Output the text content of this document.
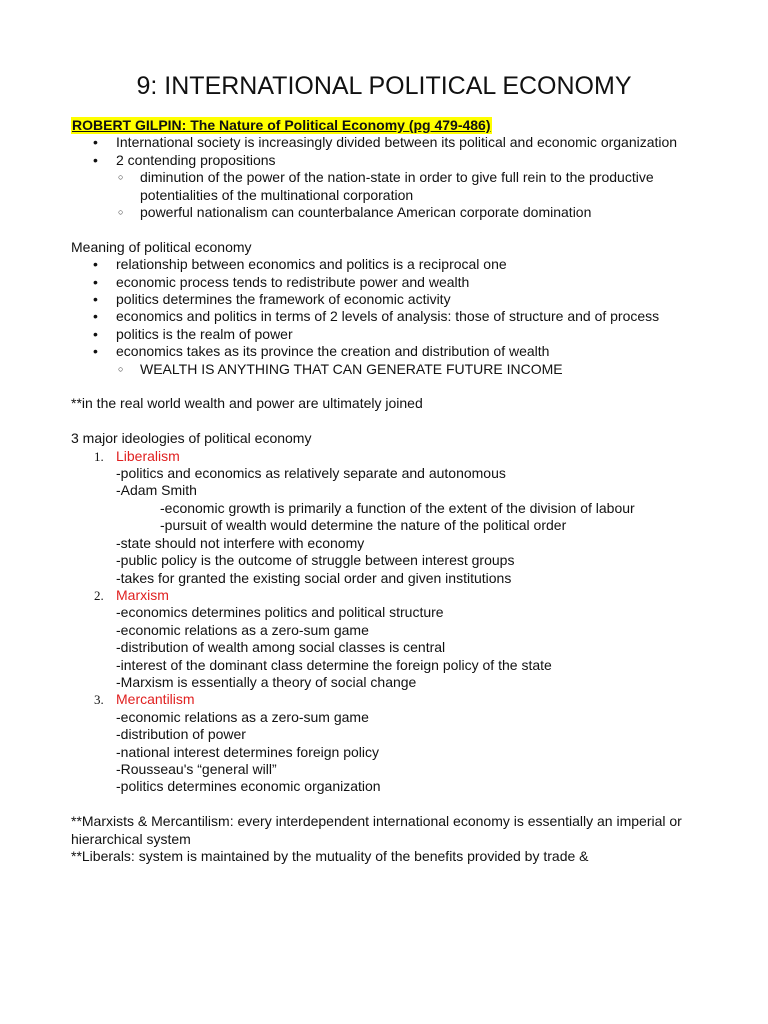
9: INTERNATIONAL POLITICAL ECONOMY
ROBERT GILPIN: The Nature of Political Economy (pg 479-486)
• International society is increasingly divided between its political and economic organization
• 2 contending propositions
○ diminution of the power of the nation-state in order to give full rein to the productive potentialities of the multinational corporation
○ powerful nationalism can counterbalance American corporate domination
Meaning of political economy
• relationship between economics and politics is a reciprocal one
• economic process tends to redistribute power and wealth
• politics determines the framework of economic activity
• economics and politics in terms of 2 levels of analysis: those of structure and of process
• politics is the realm of power
• economics takes as its province the creation and distribution of wealth
○ WEALTH IS ANYTHING THAT CAN GENERATE FUTURE INCOME
**in the real world wealth and power are ultimately joined
3 major ideologies of political economy
1. Liberalism
-politics and economics as relatively separate and autonomous
-Adam Smith
-economic growth is primarily a function of the extent of the division of labour
-pursuit of wealth would determine the nature of the political order
-state should not interfere with economy
-public policy is the outcome of struggle between interest groups
-takes for granted the existing social order and given institutions
2. Marxism
-economics determines politics and political structure
-economic relations as a zero-sum game
-distribution of wealth among social classes is central
-interest of the dominant class determine the foreign policy of the state
-Marxism is essentially a theory of social change
3. Mercantilism
-economic relations as a zero-sum game
-distribution of power
-national interest determines foreign policy
-Rousseau's “general will”
-politics determines economic organization
**Marxists & Mercantilism: every interdependent international economy is essentially an imperial or hierarchical system
**Liberals: system is maintained by the mutuality of the benefits provided by trade &
